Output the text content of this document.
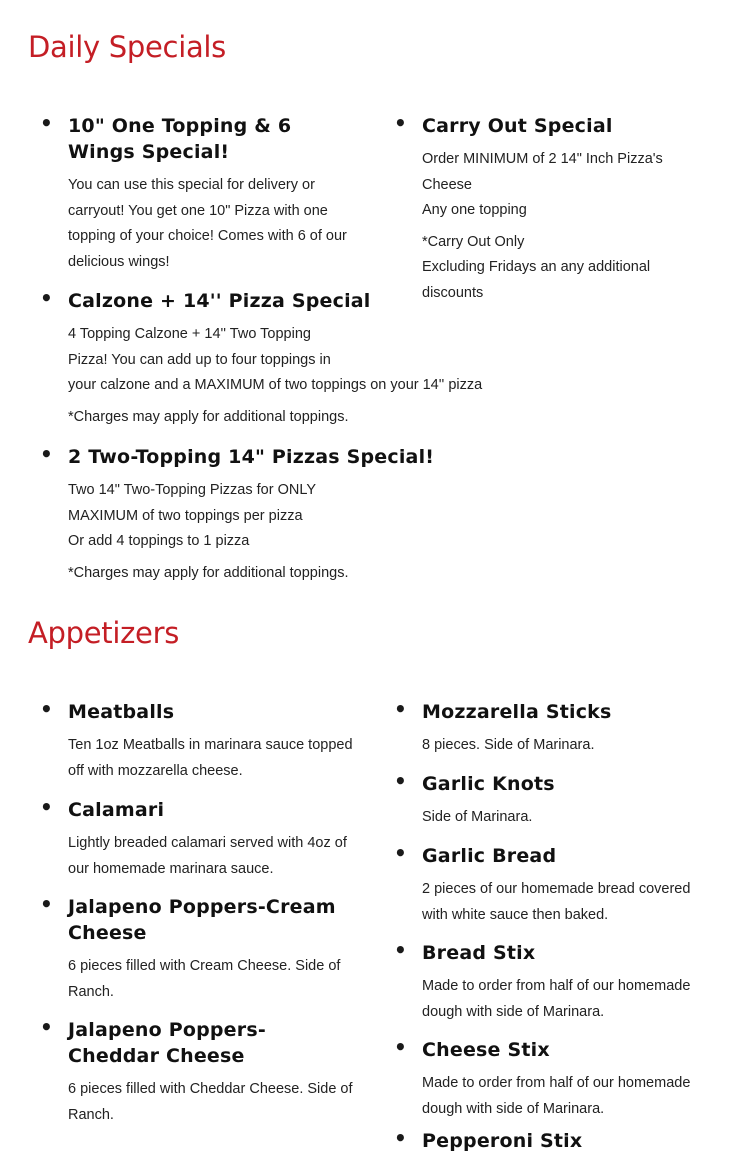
Daily Specials
• 10" One Topping & 6 Wings Special!
You can use this special for delivery or carryout! You get one 10" Pizza with one topping of your choice! Comes with 6 of our delicious wings!
• Calzone + 14'' Pizza Special
4 Topping Calzone + 14'' Two Topping
Pizza! You can add up to four toppings in
your calzone and a MAXIMUM of two toppings on your 14'' pizza
*Charges may apply for additional toppings.
• 2 Two-Topping 14" Pizzas Special!
Two 14" Two-Topping Pizzas for ONLY
MAXIMUM of two toppings per pizza
Or add 4 toppings to 1 pizza
*Charges may apply for additional toppings.
• Carry Out Special
Order MINIMUM of 2 14" Inch Pizza's
Cheese
Any one topping
*Carry Out Only
Excluding Fridays an any additional
discounts
Appetizers
• Meatballs
Ten 1oz Meatballs in marinara sauce topped off with mozzarella cheese.
• Calamari
Lightly breaded calamari served with 4oz of our homemade marinara sauce.
• Jalapeno Poppers-Cream Cheese
6 pieces filled with Cream Cheese. Side of Ranch.
• Jalapeno Poppers-Cheddar Cheese
6 pieces filled with Cheddar Cheese. Side of Ranch.
• Mozzarella Sticks
8 pieces. Side of Marinara.
• Garlic Knots
Side of Marinara.
• Garlic Bread
2 pieces of our homemade bread covered with white sauce then baked.
• Bread Stix
Made to order from half of our homemade dough with side of Marinara.
• Cheese Stix
Made to order from half of our homemade dough with side of Marinara.
• Pepperoni Stix
